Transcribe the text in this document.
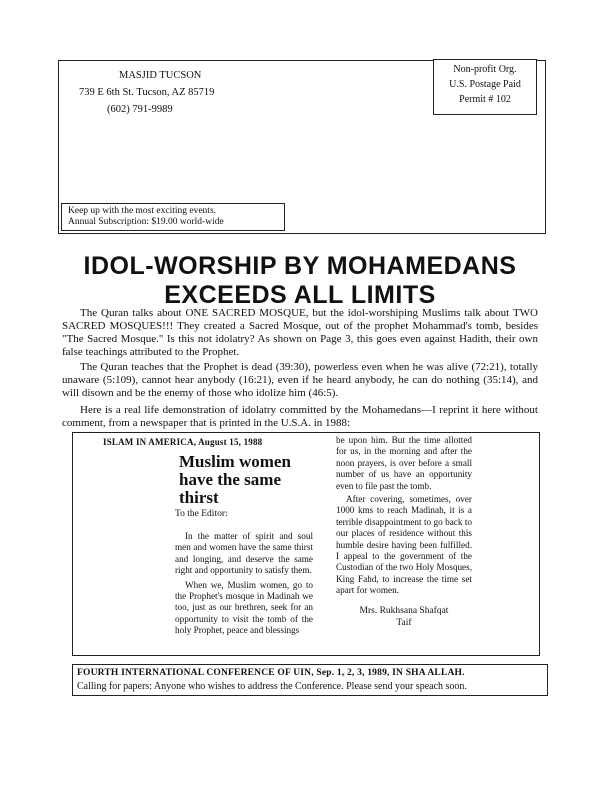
MASJID TUCSON
739 E 6th St. Tucson, AZ 85719
(602) 791-9989
Non-profit Org.
U.S. Postage Paid
Permit # 102
Keep up with the most exciting events.
Annual Subscription: $19.00 world-wide
IDOL-WORSHIP BY MOHAMEDANS
EXCEEDS ALL LIMITS

The Quran talks about ONE SACRED MOSQUE, but the idol-worshiping Muslims talk about TWO SACRED MOSQUES!!! They created a Sacred Mosque, out of the prophet Mohammad's tomb, besides "The Sacred Mosque." Is this not idolatry? As shown on Page 3, this goes even against Hadith, their own false teachings attributed to the Prophet.

The Quran teaches that the Prophet is dead (39:30), powerless even when he was alive (72:21), totally unaware (5:109), cannot hear anybody (16:21), even if he heard anybody, he can do nothing (35:14), and will disown and be the enemy of those who idolize him (46:5).

Here is a real life demonstration of idolatry committed by the Mohamedans—I reprint it here without comment, from a newspaper that is printed in the U.S.A. in 1988:

ISLAM IN AMERICA, August 15, 1988
Muslim women
have the same
thirst
To the Editor:

In the matter of spirit and soul men and women have the same thirst and longing, and deserve the same right and opportunity to satisfy them.

When we, Muslim women, go to the Prophet's mosque in Madinah we too, just as our brethren, seek for an opportunity to visit the tomb of the holy Prophet, peace and blessings

be upon him. But the time allotted for us, in the morning and after the noon prayers, is over before a small number of us have an opportunity even to file past the tomb.

After covering, sometimes, over 1000 kms to reach Madinah, it is a terrible disappointment to go back to our places of residence without this humble desire having been fulfilled. I appeal to the government of the Custodian of the two Holy Mosques, King Fahd, to increase the time set apart for women.

Mrs. Rukhsana Shafqat
Taif
FOURTH INTERNATIONAL CONFERENCE OF UIN, Sep. 1, 2, 3, 1989, IN SHA ALLAH.
Calling for papers: Anyone who wishes to address the Conference. Please send your speach soon.
